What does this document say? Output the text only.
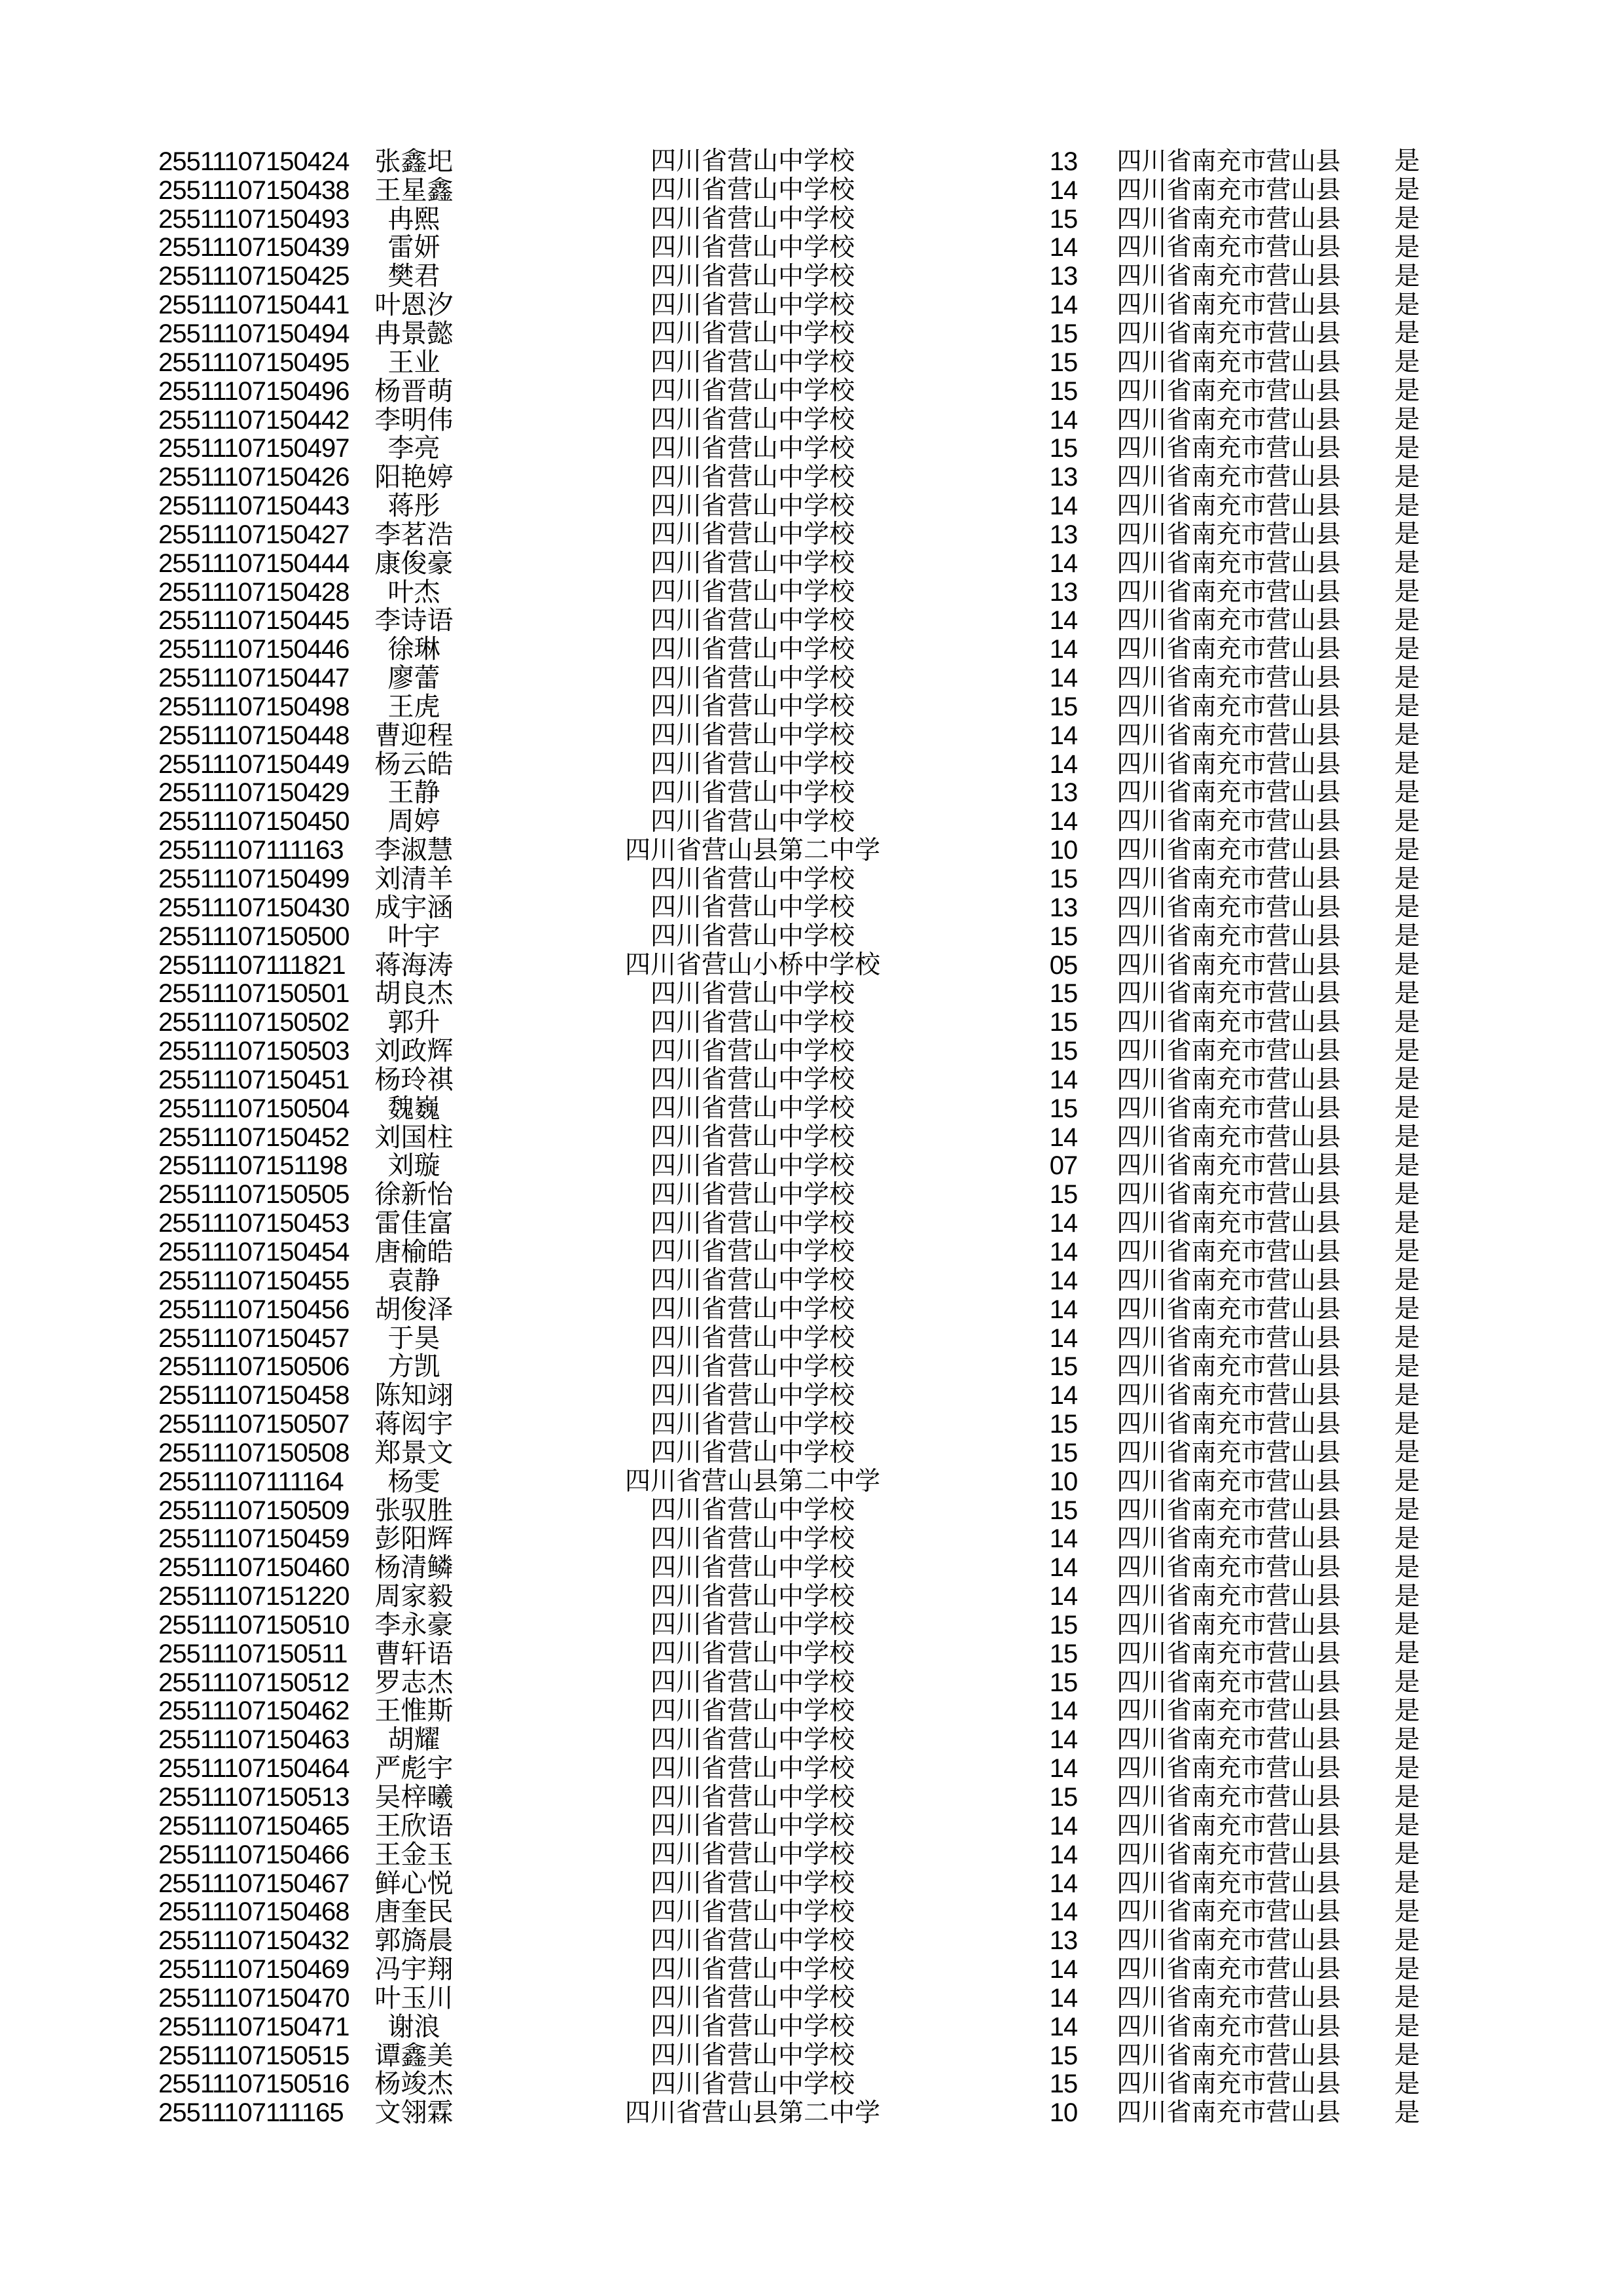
25511107150424 张鑫圯	四川省营山中学校	13	四川省南充市营山县	是
25511107150438 王星鑫	四川省营山中学校	14	四川省南充市营山县	是
25511107150493	冉熙	四川省营山中学校	15	四川省南充市营山县	是
25511107150439	雷妍	四川省营山中学校	14	四川省南充市营山县	是
25511107150425	樊君	四川省营山中学校	13	四川省南充市营山县	是
25511107150441 叶恩汐	四川省营山中学校	14	四川省南充市营山县	是
25511107150494 冉景懿	四川省营山中学校	15	四川省南充市营山县	是
25511107150495	王业	四川省营山中学校	15	四川省南充市营山县	是
25511107150496 杨晋萌	四川省营山中学校	15	四川省南充市营山县	是
25511107150442 李明伟	四川省营山中学校	14	四川省南充市营山县	是
25511107150497	李亮	四川省营山中学校	15	四川省南充市营山县	是
25511107150426 阳艳婷	四川省营山中学校	13	四川省南充市营山县	是
25511107150443	蒋彤	四川省营山中学校	14	四川省南充市营山县	是
25511107150427 李茗浩	四川省营山中学校	13	四川省南充市营山县	是
25511107150444 康俊豪	四川省营山中学校	14	四川省南充市营山县	是
25511107150428	叶杰	四川省营山中学校	13	四川省南充市营山县	是
25511107150445 李诗语	四川省营山中学校	14	四川省南充市营山县	是
25511107150446	徐琳	四川省营山中学校	14	四川省南充市营山县	是
25511107150447	廖蕾	四川省营山中学校	14	四川省南充市营山县	是
25511107150498	王虎	四川省营山中学校	15	四川省南充市营山县	是
25511107150448 曹迎程	四川省营山中学校	14	四川省南充市营山县	是
25511107150449 杨云皓	四川省营山中学校	14	四川省南充市营山县	是
25511107150429	王静	四川省营山中学校	13	四川省南充市营山县	是
25511107150450	周婷	四川省营山中学校	14	四川省南充市营山县	是
25511107111163	李淑慧	四川省营山县第二中学	10	四川省南充市营山县	是
25511107150499 刘清羊	四川省营山中学校	15	四川省南充市营山县	是
25511107150430 成宇涵	四川省营山中学校	13	四川省南充市营山县	是
25511107150500	叶宇	四川省营山中学校	15	四川省南充市营山县	是
25511107111821	蒋海涛	四川省营山小桥中学校	05	四川省南充市营山县	是
25511107150501 胡良杰	四川省营山中学校	15	四川省南充市营山县	是
25511107150502	郭升	四川省营山中学校	15	四川省南充市营山县	是
25511107150503 刘政辉	四川省营山中学校	15	四川省南充市营山县	是
25511107150451 杨玲祺	四川省营山中学校	14	四川省南充市营山县	是
25511107150504	魏巍	四川省营山中学校	15	四川省南充市营山县	是
25511107150452 刘国柱	四川省营山中学校	14	四川省南充市营山县	是
25511107151198	刘璇	四川省营山中学校	07	四川省南充市营山县	是
25511107150505 徐新怡	四川省营山中学校	15	四川省南充市营山县	是
25511107150453 雷佳富	四川省营山中学校	14	四川省南充市营山县	是
25511107150454 唐榆皓	四川省营山中学校	14	四川省南充市营山县	是
25511107150455	袁静	四川省营山中学校	14	四川省南充市营山县	是
25511107150456 胡俊泽	四川省营山中学校	14	四川省南充市营山县	是
25511107150457	于昊	四川省营山中学校	14	四川省南充市营山县	是
25511107150506	方凯	四川省营山中学校	15	四川省南充市营山县	是
25511107150458 陈知翊	四川省营山中学校	14	四川省南充市营山县	是
25511107150507 蒋闳宇	四川省营山中学校	15	四川省南充市营山县	是
25511107150508 郑景文	四川省营山中学校	15	四川省南充市营山县	是
25511107111164	杨雯	四川省营山县第二中学	10	四川省南充市营山县	是
25511107150509 张驭胜	四川省营山中学校	15	四川省南充市营山县	是
25511107150459 彭阳辉	四川省营山中学校	14	四川省南充市营山县	是
25511107150460 杨清鳞	四川省营山中学校	14	四川省南充市营山县	是
25511107151220 周家毅	四川省营山中学校	14	四川省南充市营山县	是
25511107150510 李永豪	四川省营山中学校	15	四川省南充市营山县	是
25511107150511	曹轩语	四川省营山中学校	15	四川省南充市营山县	是
25511107150512 罗志杰	四川省营山中学校	15	四川省南充市营山县	是
25511107150462 王惟斯	四川省营山中学校	14	四川省南充市营山县	是
25511107150463	胡耀	四川省营山中学校	14	四川省南充市营山县	是
25511107150464 严彪宇	四川省营山中学校	14	四川省南充市营山县	是
25511107150513 吴梓曦	四川省营山中学校	15	四川省南充市营山县	是
25511107150465 王欣语	四川省营山中学校	14	四川省南充市营山县	是
25511107150466 王金玉	四川省营山中学校	14	四川省南充市营山县	是
25511107150467 鲜心悦	四川省营山中学校	14	四川省南充市营山县	是
25511107150468 唐奎民	四川省营山中学校	14	四川省南充市营山县	是
25511107150432 郭旖晨	四川省营山中学校	13	四川省南充市营山县	是
25511107150469 冯宇翔	四川省营山中学校	14	四川省南充市营山县	是
25511107150470 叶玉川	四川省营山中学校	14	四川省南充市营山县	是
25511107150471	谢浪	四川省营山中学校	14	四川省南充市营山县	是
25511107150515 谭鑫美	四川省营山中学校	15	四川省南充市营山县	是
25511107150516 杨竣杰	四川省营山中学校	15	四川省南充市营山县	是
25511107111165	文翎霖	四川省营山县第二中学	10	四川省南充市营山县	是
